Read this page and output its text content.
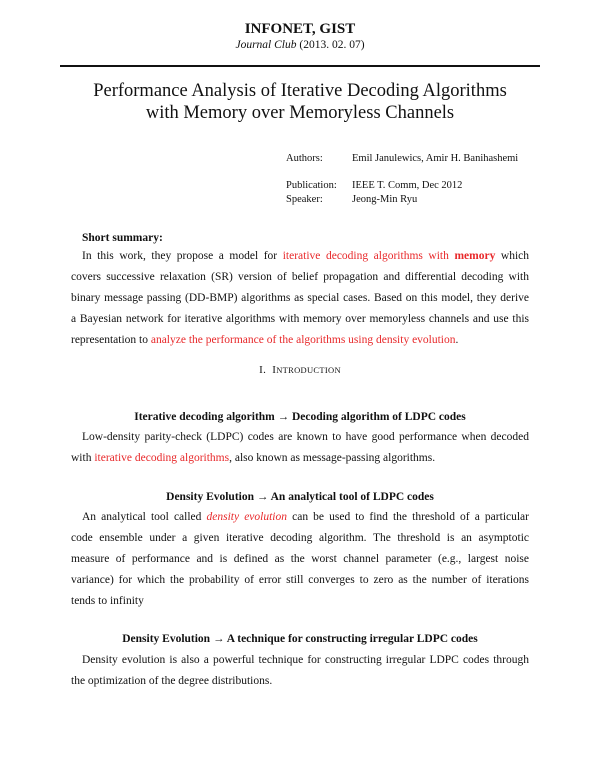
INFONET, GIST
Journal Club (2013. 02. 07)
Performance Analysis of Iterative Decoding Algorithms
with Memory over Memoryless Channels
Authors:	Emil Janulewics, Amir H. Banihashemi
Publication: IEEE T. Comm, Dec 2012
Speaker:	Jeong-Min Ryu
Short summary:
In this work, they propose a model for iterative decoding algorithms with memory which
covers successive relaxation (SR) version of belief propagation and differential decoding with
binary message passing (DD-BMP) algorithms as special cases. Based on this model, they derive
a Bayesian network for iterative algorithms with memory over memoryless channels and use this
representation to analyze the performance of the algorithms using density evolution.
I. INTRODUCTION
Iterative decoding algorithm → Decoding algorithm of LDPC codes
Low-density parity-check (LDPC) codes are known to have good performance when decoded
with iterative decoding algorithms, also known as message-passing algorithms.
Density Evolution → An analytical tool of LDPC codes
An analytical tool called density evolution can be used to find the threshold of a particular
code ensemble under a given iterative decoding algorithm. The threshold is an asymptotic
measure of performance and is defined as the worst channel parameter (e.g., largest noise
variance) for which the probability of error still converges to zero as the number of iterations
tends to infinity
Density Evolution → A technique for constructing irregular LDPC codes
Density evolution is also a powerful technique for constructing irregular LDPC codes through
the optimization of the degree distributions.
